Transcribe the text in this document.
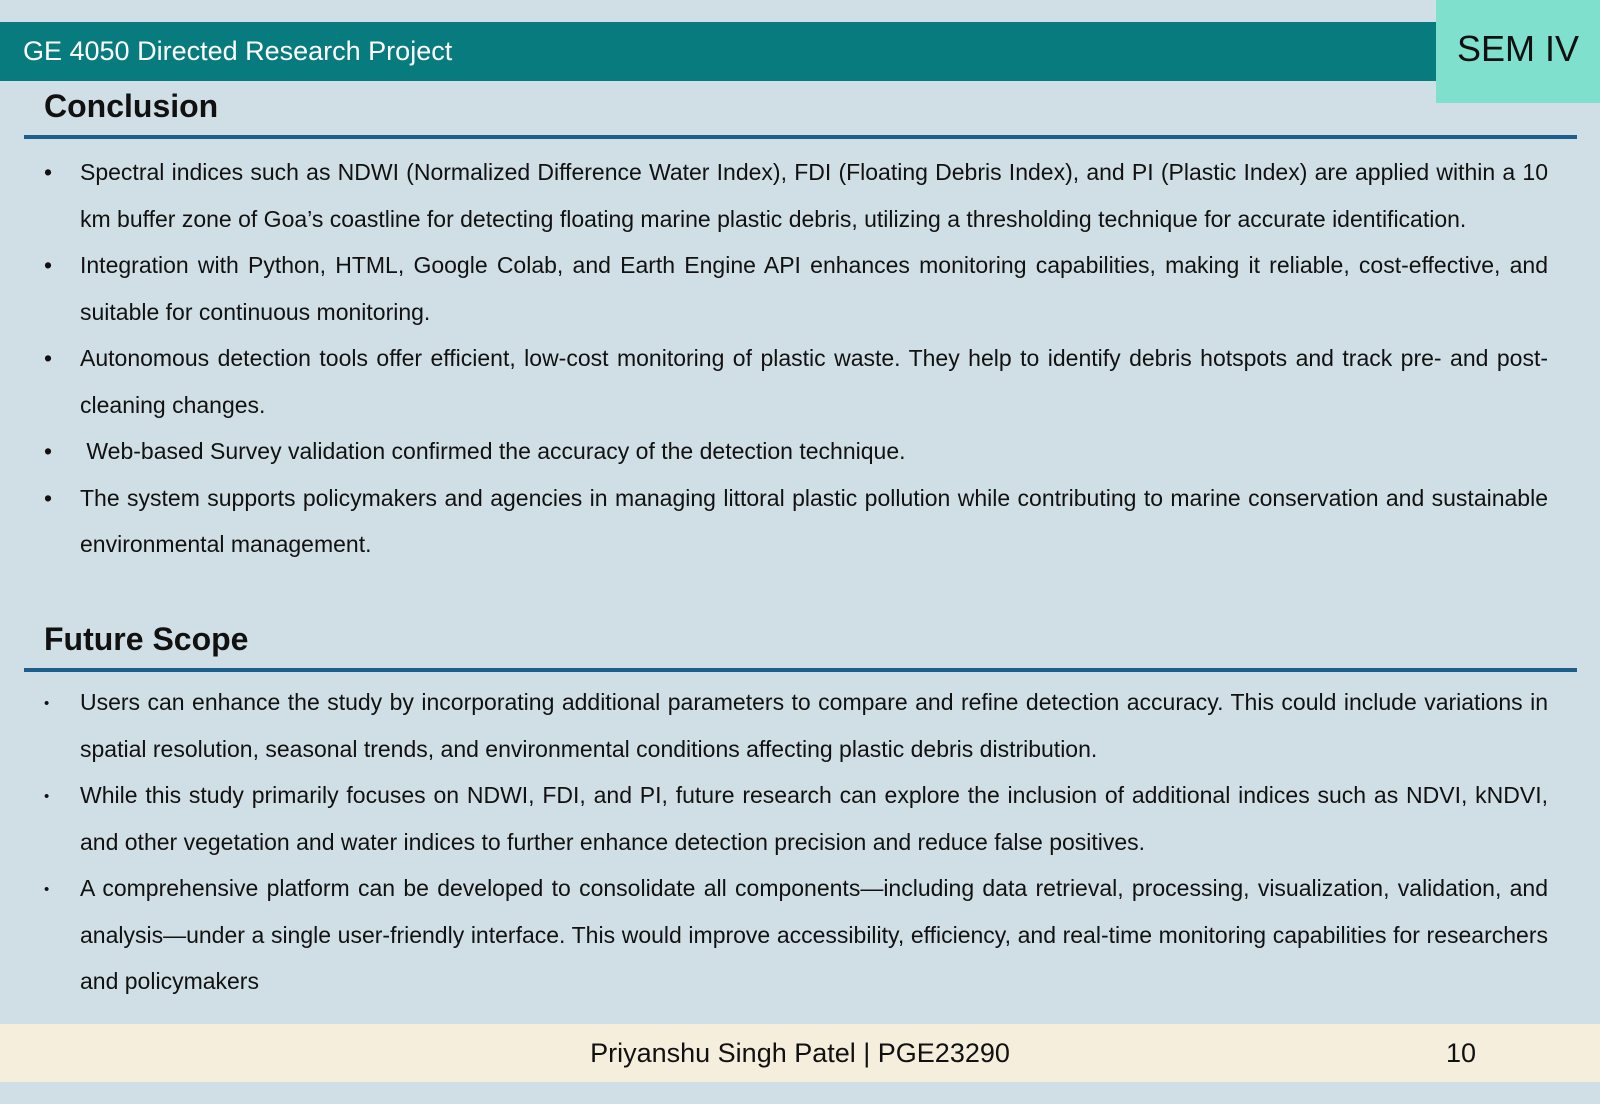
GE 4050 Directed Research Project	SEM IV
Conclusion
• Spectral indices such as NDWI (Normalized Difference Water Index), FDI (Floating Debris Index), and PI (Plastic Index) are applied within a 10 km buffer zone of Goa’s coastline for detecting floating marine plastic debris, utilizing a thresholding technique for accurate identification.
• Integration with Python, HTML, Google Colab, and Earth Engine API enhances monitoring capabilities, making it reliable, cost-effective, and suitable for continuous monitoring.
• Autonomous detection tools offer efficient, low-cost monitoring of plastic waste. They help to identify debris hotspots and track pre- and post-cleaning changes.
• Web-based Survey validation confirmed the accuracy of the detection technique.
• The system supports policymakers and agencies in managing littoral plastic pollution while contributing to marine conservation and sustainable environmental management.
Future Scope
• Users can enhance the study by incorporating additional parameters to compare and refine detection accuracy. This could include variations in spatial resolution, seasonal trends, and environmental conditions affecting plastic debris distribution.
• While this study primarily focuses on NDWI, FDI, and PI, future research can explore the inclusion of additional indices such as NDVI, kNDVI, and other vegetation and water indices to further enhance detection precision and reduce false positives.
• A comprehensive platform can be developed to consolidate all components—including data retrieval, processing, visualization, validation, and analysis—under a single user-friendly interface. This would improve accessibility, efficiency, and real-time monitoring capabilities for researchers and policymakers
Priyanshu Singh Patel | PGE23290	10
